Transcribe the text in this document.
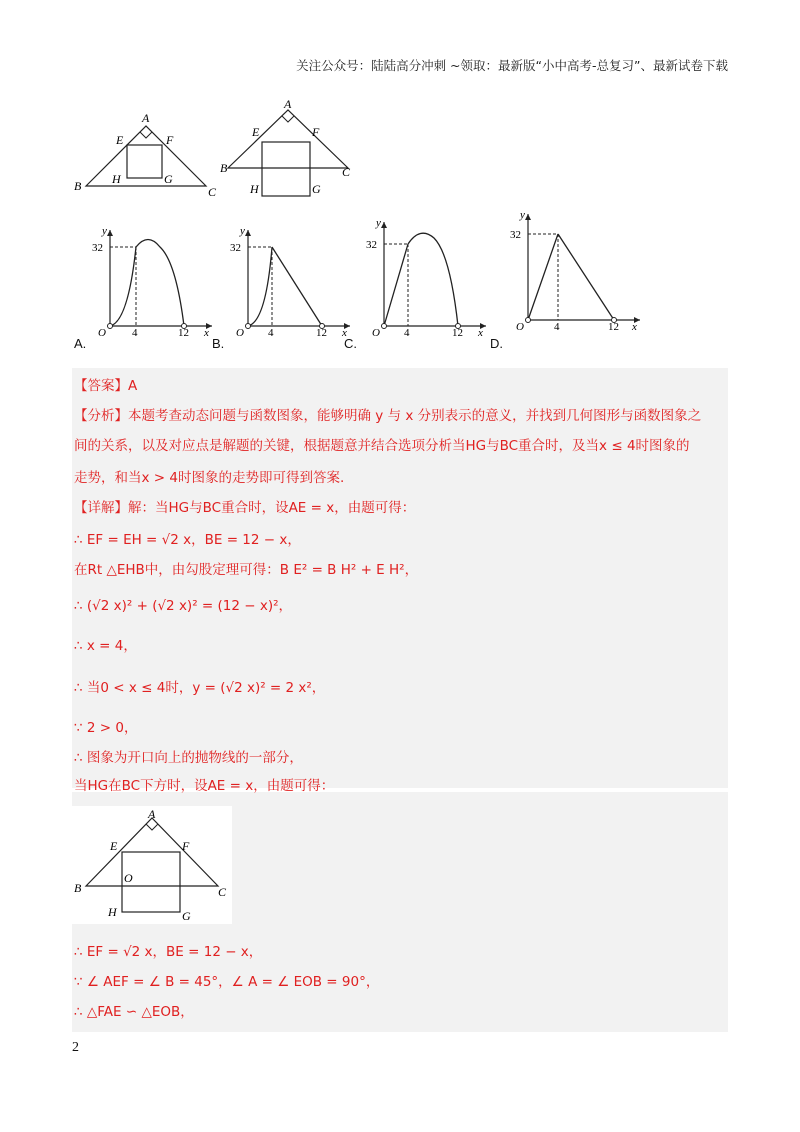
关注公众号：陆陆高分冲刺 ~领取：最新版“小中高考-总复习”、最新试卷下载
A
E	F
H	G
B	C
A
E	F
B	C
H	G
y
32
O 4	12 x
A.
y
32
O 4	12 x
B.
y
32
O 4	12 x
C.
y
32
O	4	12 x
D.
【答案】A
【分析】本题考查动态问题与函数图象，能够明确 y 与 x 分别表示的意义，并找到几何图形与函数图象之
间的关系，以及对应点是解题的关键，根据题意并结合选项分析当HG与BC重合时，及当x ≤ 4时图象的
走势，和当x > 4时图象的走势即可得到答案.
【详解】解：当HG与BC重合时，设AE = x，由题可得：
∴ EF = EH = √2 x，BE = 12 − x，
在Rt △EHB中，由勾股定理可得：B E² = B H² + E H²，
∴ (√2 x)² + (√2 x)² = (12 − x)²，
∴ x = 4，
∴ 当0 < x ≤ 4时，y = (√2 x)² = 2 x²，
∵ 2 > 0，
∴ 图象为开口向上的抛物线的一部分，
当HG在BC下方时，设AE = x，由题可得：
A
E	F
B
O
C
H	G
∴ EF = √2 x，BE = 12 − x，
∵ ∠ AEF = ∠ B = 45°，∠ A = ∠ EOB = 90°，
∴ △FAE ∽ △EOB，
2
